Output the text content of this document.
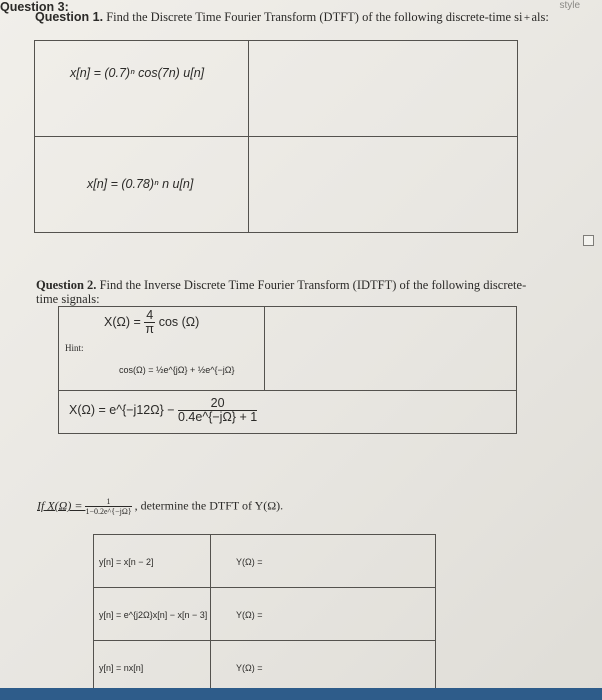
style
Question 1. Find the Discrete Time Fourier Transform (DTFT) of the following discrete-time si+als:
x[n] = (0.7)ⁿ cos(7n) u[n]	

x[n] = (0.78)ⁿ n u[n]	

Question 2. Find the Inverse Discrete Time Fourier Transform (IDTFT) of the following discrete-time signals:
$X(\Omega) = \frac{4}{\pi}$ cos (Ω)
Hint:
cos(Ω) = ½e^{jΩ} + ½e^{−jΩ}

X(Ω) = e^{−j12Ω} − $\frac{20}{0.4e\^{}\{-j\Omega\} + 1}$
Question 3:
If $X(\Omega) = \frac{1}{1-0.2e\^{}\{-j\Omega\}}$ , determine the DTFT of Y(Ω).
y[n] = x[n − 2]	Y(Ω) =

y[n] = e^{j2Ω}x[n] − x[n − 3]	Y(Ω) =

y[n] = nx[n]	Y(Ω) =
